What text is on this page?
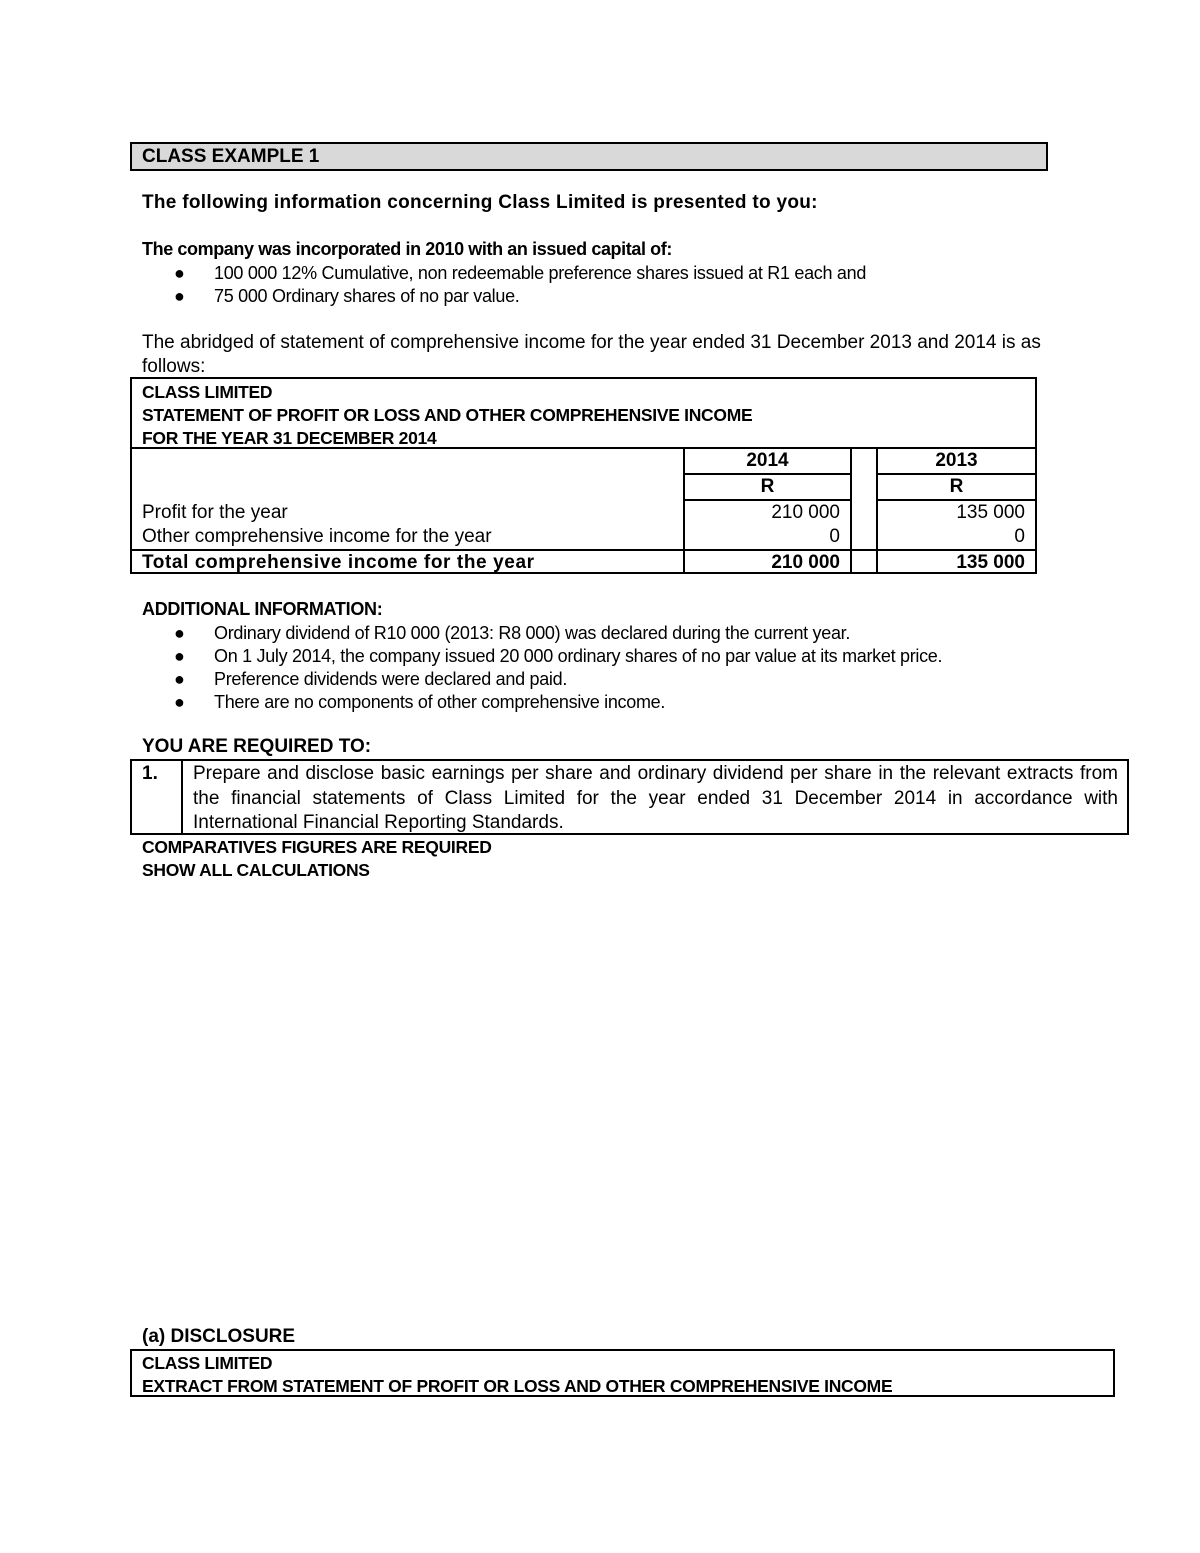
CLASS EXAMPLE 1
The following information concerning Class Limited is presented to you:
The company was incorporated in 2010 with an issued capital of:
● 100 000 12% Cumulative, non redeemable preference shares issued at R1 each and
● 75 000 Ordinary shares of no par value.
The abridged of statement of comprehensive income for the year ended 31 December 2013 and 2014 is as follows:
CLASS LIMITED
STATEMENT OF PROFIT OR LOSS AND OTHER COMPREHENSIVE INCOME
FOR THE YEAR 31 DECEMBER 2014
2014	2013
R	R
Profit for the year	210 000	135 000
Other comprehensive income for the year	0	0
Total comprehensive income for the year	210 000	135 000
ADDITIONAL INFORMATION:
● Ordinary dividend of R10 000 (2013: R8 000) was declared during the current year.
● On 1 July 2014, the company issued 20 000 ordinary shares of no par value at its market price.
● Preference dividends were declared and paid.
● There are no components of other comprehensive income.
YOU ARE REQUIRED TO:
1. Prepare and disclose basic earnings per share and ordinary dividend per share in the relevant extracts from the financial statements of Class Limited for the year ended 31 December 2014 in accordance with International Financial Reporting Standards.
COMPARATIVES FIGURES ARE REQUIRED
SHOW ALL CALCULATIONS
(a) DISCLOSURE
CLASS LIMITED
EXTRACT FROM STATEMENT OF PROFIT OR LOSS AND OTHER COMPREHENSIVE INCOME
